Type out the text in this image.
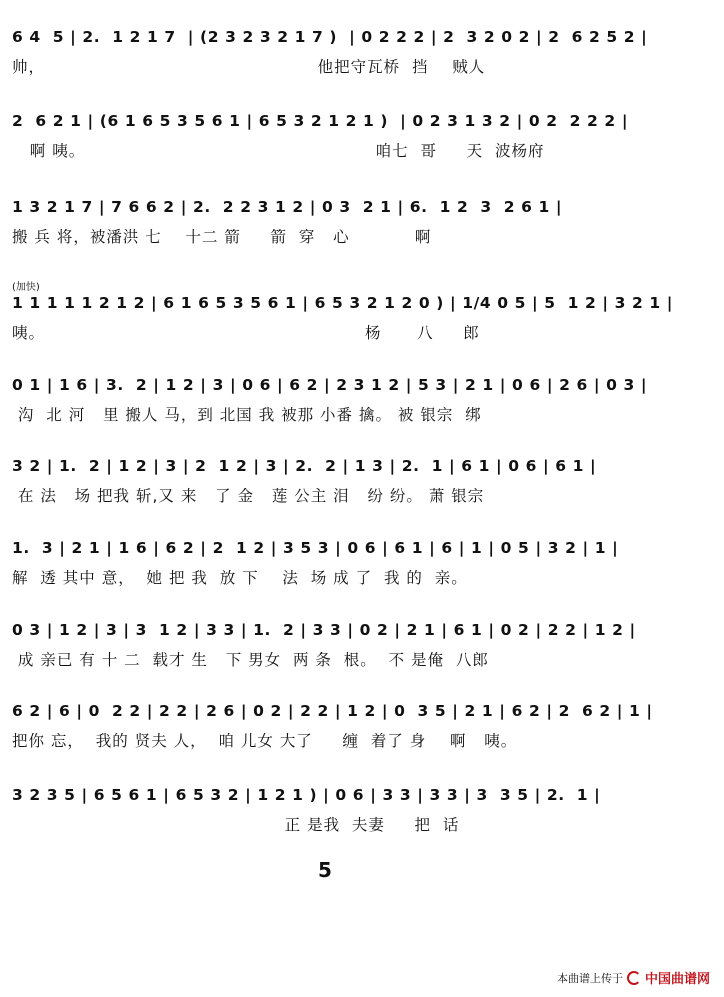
6 4  5 | 2.  1 2 1 7  | (2 3 2 3 2 1 7 )  | 0 2 2 2 | 2  3 2 0 2 | 2  6 2 5 2 |
帅，                                              他把守瓦桥  挡    贼人
2  6 2 1 | (6 1 6 5 3 5 6 1 | 6 5 3 2 1 2 1 )  | 0 2 3 1 3 2 | 0 2  2 2 2 |
啊 咦。                                                 咱七  哥     天  波杨府
1 3 2 1 7 | 7 6 6 2 | 2.  2 2 3 1 2 | 0 3  2 1 | 6.  1 2  3  2 6 1 |
搬 兵 将，被潘洪 七    十二 箭     箭  穿   心           啊
(加快)
1 1 1 1 1 2 1 2 | 6 1 6 5 3 5 6 1 | 6 5 3 2 1 2 0 ) | 1/4 0 5 | 5  1 2 | 3 2 1 |
咦。                                                      杨      八     郎
0 1 | 1 6 | 3.  2 | 1 2 | 3 | 0 6 | 6 2 | 2 3 1 2 | 5 3 | 2 1 | 0 6 | 2 6 | 0 3 |
沟  北 河   里 搬人 马，到 北国 我 被那 小番 擒。 被 银宗  绑
3 2 | 1.  2 | 1 2 | 3 | 2  1 2 | 3 | 2.  2 | 1 3 | 2.  1 | 6 1 | 0 6 | 6 1 |
在 法   场 把我 斩,又 来   了 金   莲 公主 泪   纷 纷。 萧 银宗
1.  3 | 2 1 | 1 6 | 6 2 | 2  1 2 | 3 5 3 | 0 6 | 6 1 | 6 | 1 | 0 5 | 3 2 | 1 |
解  透 其中 意，  她 把 我  放 下    法  场 成 了  我 的  亲。
0 3 | 1 2 | 3 | 3  1 2 | 3 3 | 1.  2 | 3 3 | 0 2 | 2 1 | 6 1 | 0 2 | 2 2 | 1 2 |
成 亲已 有 十 二  载才 生   下 男女  两 条  根。  不 是俺  八郎
6 2 | 6 | 0  2 2 | 2 2 | 2 6 | 0 2 | 2 2 | 1 2 | 0  3 5 | 2 1 | 6 2 | 2  6 2 | 1 |
把你 忘，  我的 贤夫 人，  咱 儿女 大了     缠  着了 身    啊   咦。
3 2 3 5 | 6 5 6 1 | 6 5 3 2 | 1 2 1 ) | 0 6 | 3 3 | 3 3 | 3  3 5 | 2.  1 |
正 是我  夫妻     把  话
5
本曲谱上传于 中国曲谱网
